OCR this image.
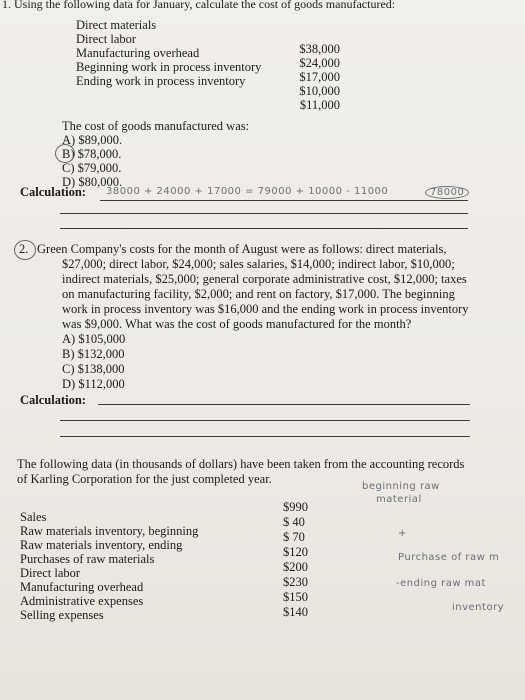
1. Using the following data for January, calculate the cost of goods manufactured:
Direct materials
Direct labor
Manufacturing overhead
Beginning work in process inventory
Ending work in process inventory
$38,000
$24,000
$17,000
$10,000
$11,000
The cost of goods manufactured was:
A) $89,000.
B) $78,000.
C) $79,000.
D) $80,000.
Calculation: 38000 + 24000 + 17000 = 79000 + 10000 - 11000	78000
2. Green Company's costs for the month of August were as follows: direct materials,
$27,000; direct labor, $24,000; sales salaries, $14,000; indirect labor, $10,000;
indirect materials, $25,000; general corporate administrative cost, $12,000; taxes
on manufacturing facility, $2,000; and rent on factory, $17,000. The beginning
work in process inventory was $16,000 and the ending work in process inventory
was $9,000. What was the cost of goods manufactured for the month?
A) $105,000
B) $132,000
C) $138,000
D) $112,000
Calculation:
The following data (in thousands of dollars) have been taken from the accounting records
of Karling Corporation for the just completed year.
Sales
Raw materials inventory, beginning
Raw materials inventory, ending
Purchases of raw materials
Direct labor
Manufacturing overhead
Administrative expenses
Selling expenses
$990
$ 40
$ 70
$120
$200
$230
$150
$140
beginning raw
material
+
Purchase of raw m
-ending raw mat
inventory
